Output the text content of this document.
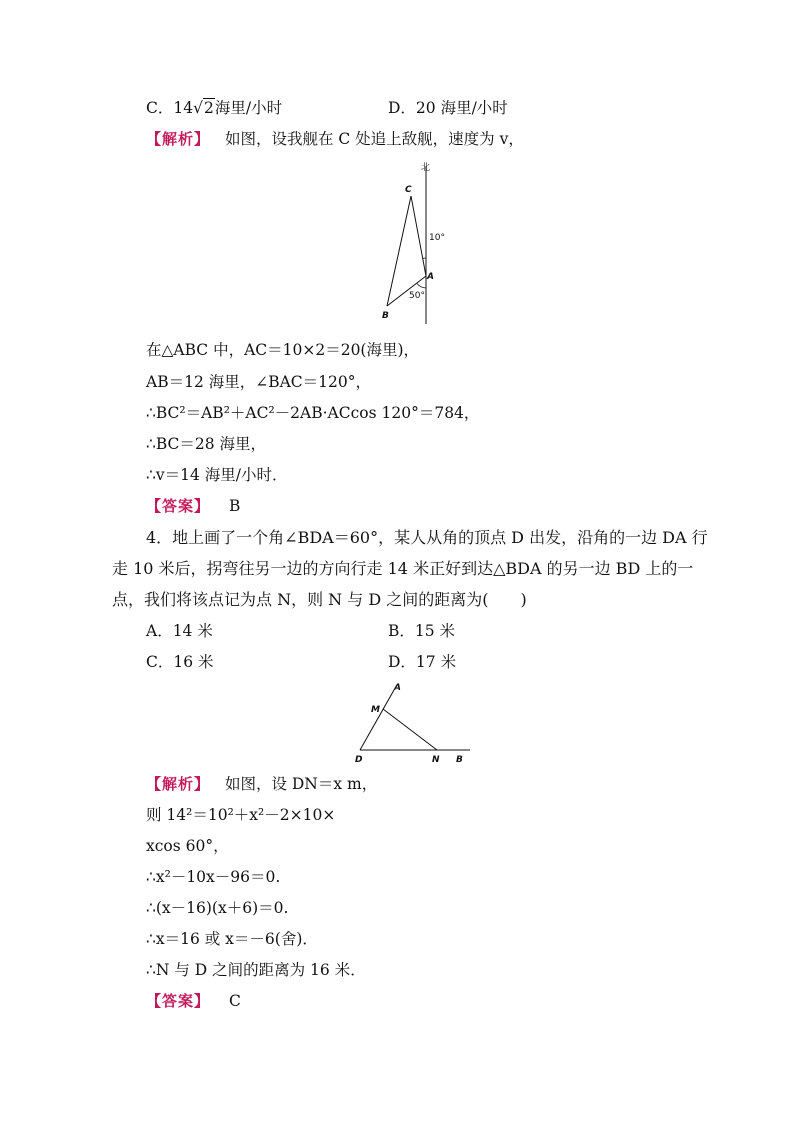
C．14√2海里/小时	D．20 海里/小时
【解析】 如图，设我舰在 C 处追上敌舰，速度为 v，
北
C
A
B
10°
50°
在△ABC 中，AC＝10×2＝20(海里)，
AB＝12 海里，∠BAC＝120°，
∴BC²＝AB²＋AC²－2AB·ACcos 120°＝784，
∴BC＝28 海里，
∴v＝14 海里/小时．
【答案】 B
4．地上画了一个角∠BDA＝60°，某人从角的顶点 D 出发，沿角的一边 DA 行
走 10 米后，拐弯往另一边的方向行走 14 米正好到达△BDA 的另一边 BD 上的一
点，我们将该点记为点 N，则 N 与 D 之间的距离为(　　)
A．14 米	B．15 米
C．16 米	D．17 米
A
M
D	N B
【解析】 如图，设 DN＝x m，
则 14²＝10²＋x²－2×10×
xcos 60°，
∴x²－10x－96＝0.
∴(x－16)(x＋6)＝0.
∴x＝16 或 x＝－6(舍)．
∴N 与 D 之间的距离为 16 米．
【答案】 C
